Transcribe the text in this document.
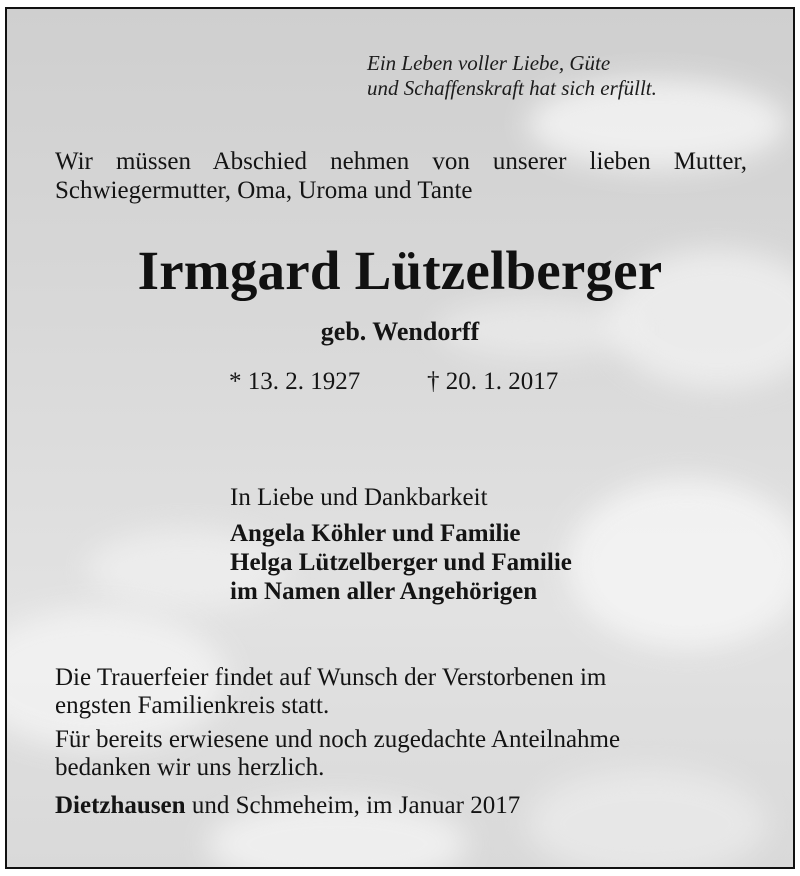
Ein Leben voller Liebe, Güte
und Schaffenskraft hat sich erfüllt.
Wir müssen Abschied nehmen von unserer lieben Mutter,
Schwiegermutter, Oma, Uroma und Tante
Irmgard Lützelberger
geb. Wendorff
* 13. 2. 1927	† 20. 1. 2017
In Liebe und Dankbarkeit
Angela Köhler und Familie
Helga Lützelberger und Familie
im Namen aller Angehörigen

Die Trauerfeier findet auf Wunsch der Verstorbenen im
engsten Familienkreis statt.

Für bereits erwiesene und noch zugedachte Anteilnahme
bedanken wir uns herzlich.

Dietzhausen und Schmeheim, im Januar 2017
